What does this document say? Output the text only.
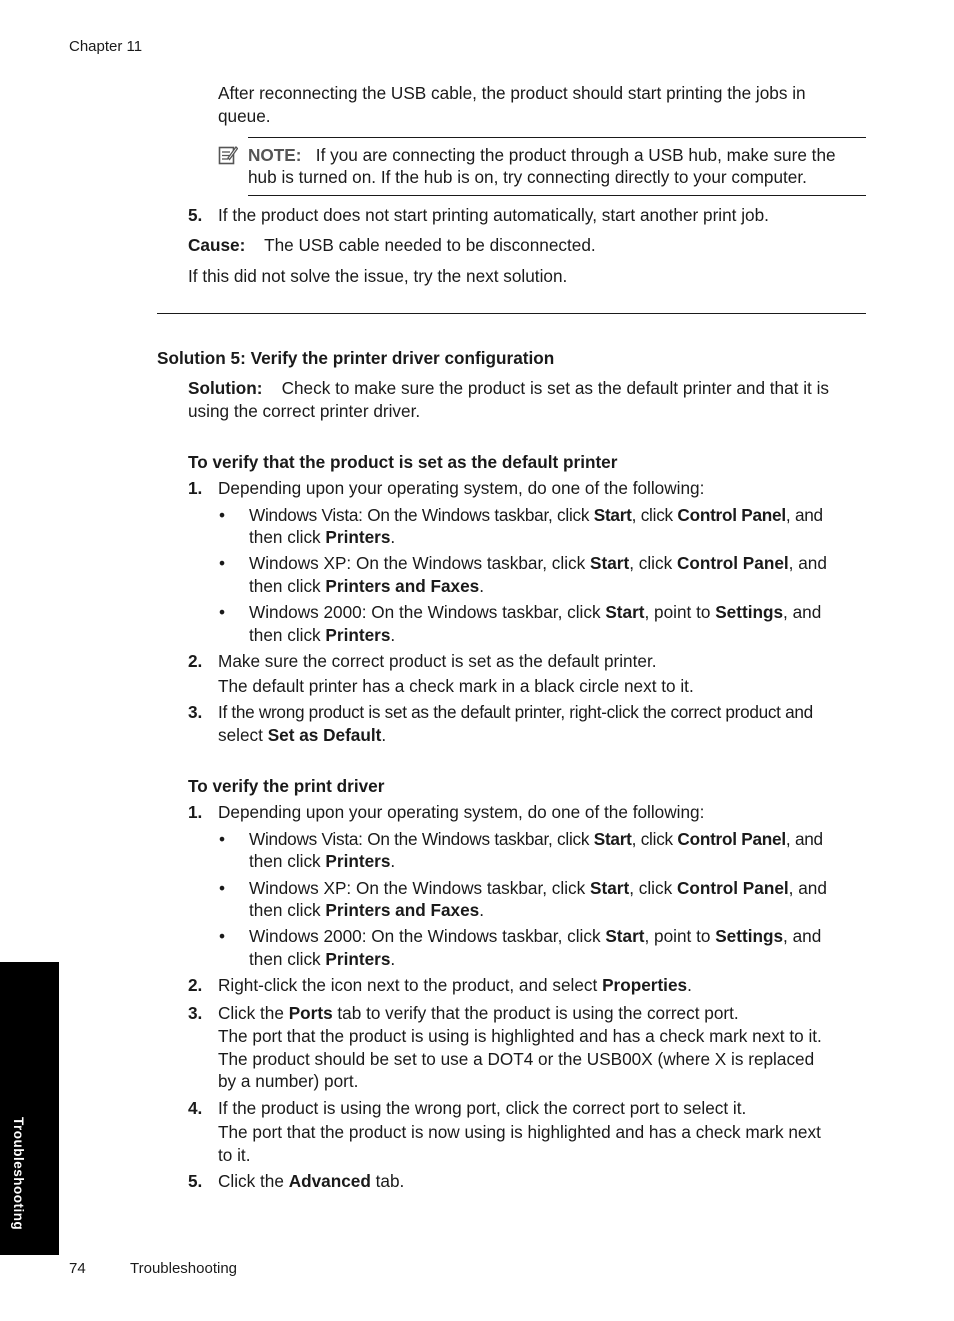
Chapter 11

After reconnecting the USB cable, the product should start printing the jobs in queue.

NOTE: If you are connecting the product through a USB hub, make sure the
hub is turned on. If the hub is on, try connecting directly to your computer.
5. If the product does not start printing automatically, start another print job.
Cause: The USB cable needed to be disconnected.
If this did not solve the issue, try the next solution.
Solution 5: Verify the printer driver configuration
Solution: Check to make sure the product is set as the default printer and that it is
using the correct printer driver.
To verify that the product is set as the default printer
1. Depending upon your operating system, do one of the following:
• Windows Vista: On the Windows taskbar, click Start, click Control Panel, and
then click Printers.
• Windows XP: On the Windows taskbar, click Start, click Control Panel, and
then click Printers and Faxes.
• Windows 2000: On the Windows taskbar, click Start, point to Settings, and
then click Printers.
2. Make sure the correct product is set as the default printer.
The default printer has a check mark in a black circle next to it.
3. If the wrong product is set as the default printer, right-click the correct product and
select Set as Default.
To verify the print driver
1. Depending upon your operating system, do one of the following:
• Windows Vista: On the Windows taskbar, click Start, click Control Panel, and
then click Printers.
• Windows XP: On the Windows taskbar, click Start, click Control Panel, and
then click Printers and Faxes.
• Windows 2000: On the Windows taskbar, click Start, point to Settings, and
then click Printers.
2. Right-click the icon next to the product, and select Properties.
3. Click the Ports tab to verify that the product is using the correct port.
The port that the product is using is highlighted and has a check mark next to it.
The product should be set to use a DOT4 or the USB00X (where X is replaced
by a number) port.
4. If the product is using the wrong port, click the correct port to select it.
The port that the product is now using is highlighted and has a check mark next
to it.
5. Click the Advanced tab.
Troubleshooting
74	Troubleshooting
